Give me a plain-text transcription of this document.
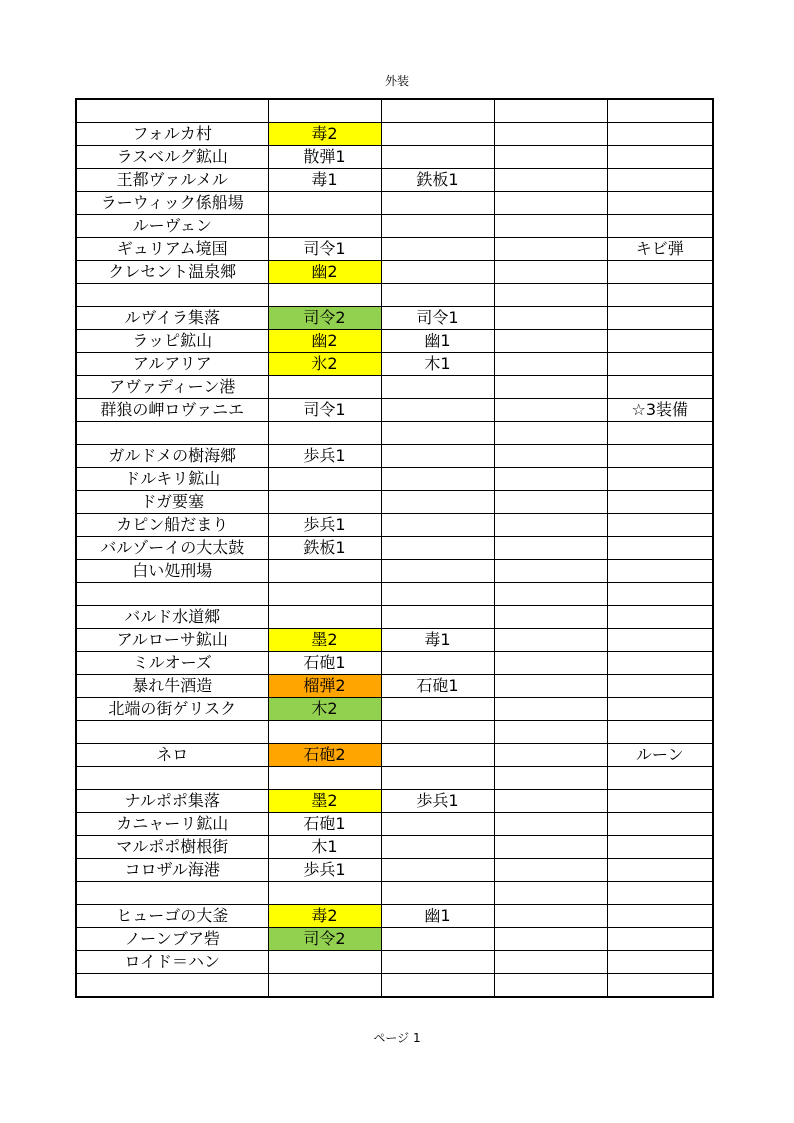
外装

フォルカ村	毒2			
ラスベルグ鉱山	散弾1			
王都ヴァルメル	毒1	鉄板1		
ラーウィック係船場				
ルーヴェン				
ギュリアム境国	司令1			キビ弾
クレセント温泉郷	幽2			

ルヴイラ集落	司令2	司令1		
ラッピ鉱山	幽2	幽1		
アルアリア	氷2	木1		
アヴァディーン港				
群狼の岬ロヴァニエ	司令1			☆3装備

ガルドメの樹海郷	歩兵1			
ドルキリ鉱山				
ドガ要塞				
カピン船だまり	歩兵1			
バルゾーイの大太鼓	鉄板1			
白い処刑場				

バルド水道郷				
アルローサ鉱山	墨2	毒1		
ミルオーズ	石砲1			
暴れ牛酒造	榴弾2	石砲1		
北端の街ゲリスク	木2			

ネロ	石砲2			ルーン

ナルポポ集落	墨2	歩兵1		
カニャーリ鉱山	石砲1			
マルポポ樹根街	木1			
コロザル海港	歩兵1			

ヒューゴの大釜	毒2	幽1		
ノーンブア砦	司令2			
ロイド＝ハン				

ページ 1
